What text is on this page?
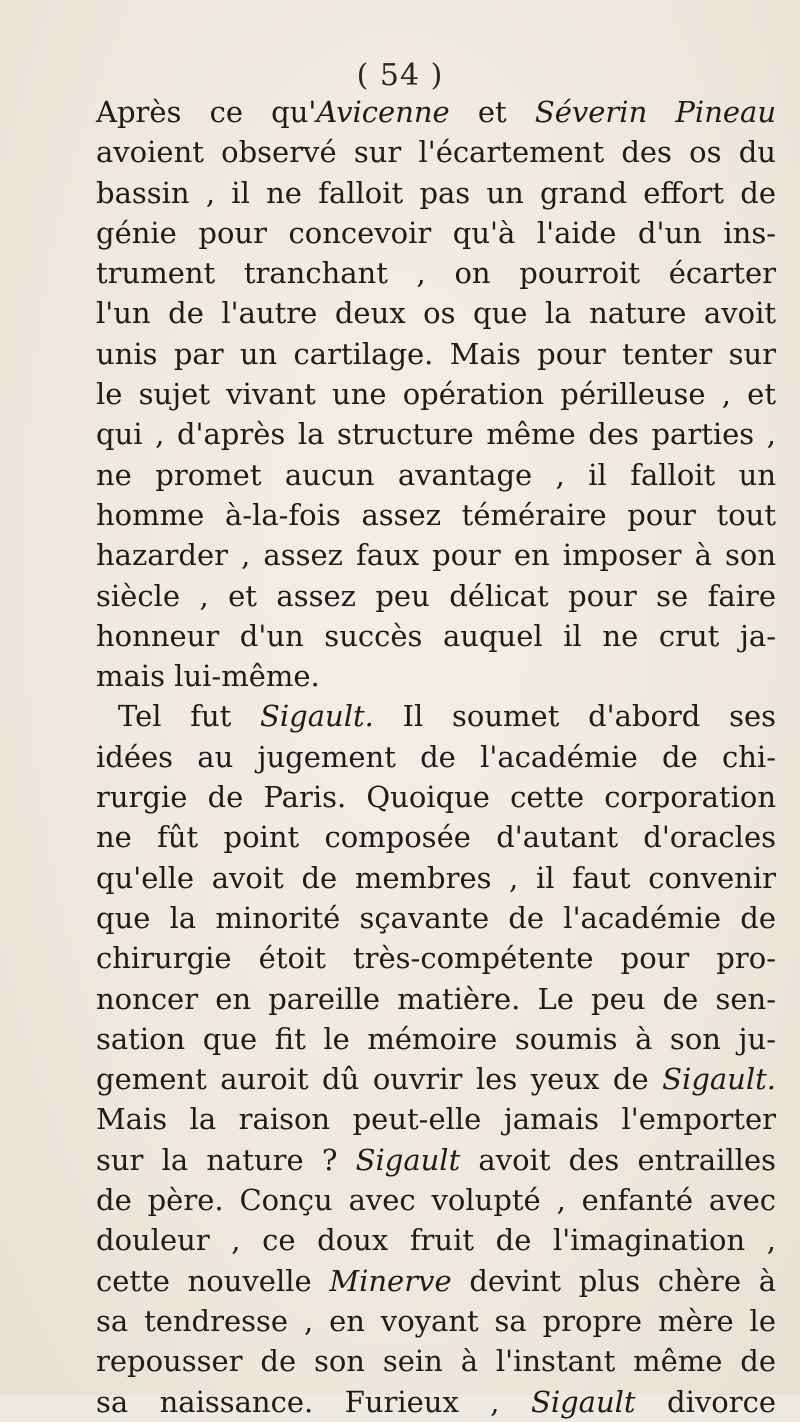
( 54 )
Après ce qu'Avicenne et Séverin Pineau
avoient observé sur l'écartement des os du
bassin , il ne falloit pas un grand effort de
génie pour concevoir qu'à l'aide d'un ins-
trument tranchant , on pourroit écarter
l'un de l'autre deux os que la nature avoit
unis par un cartilage. Mais pour tenter sur
le sujet vivant une opération périlleuse , et
qui , d'après la structure même des parties ,
ne promet aucun avantage , il falloit un
homme à-la-fois assez téméraire pour tout
hazarder , assez faux pour en imposer à son
siècle , et assez peu délicat pour se faire
honneur d'un succès auquel il ne crut ja-
mais lui-même.
Tel fut Sigault. Il soumet d'abord ses
idées au jugement de l'académie de chi-
rurgie de Paris. Quoique cette corporation
ne fût point composée d'autant d'oracles
qu'elle avoit de membres , il faut convenir
que la minorité sçavante de l'académie de
chirurgie étoit très-compétente pour pro-
noncer en pareille matière. Le peu de sen-
sation que fit le mémoire soumis à son ju-
gement auroit dû ouvrir les yeux de Sigault.
Mais la raison peut-elle jamais l'emporter
sur la nature ? Sigault avoit des entrailles
de père. Conçu avec volupté , enfanté avec
douleur , ce doux fruit de l'imagination ,
cette nouvelle Minerve devint plus chère à
sa tendresse , en voyant sa propre mère le
repousser de son sein à l'instant même de
sa naissance. Furieux , Sigault divorce
